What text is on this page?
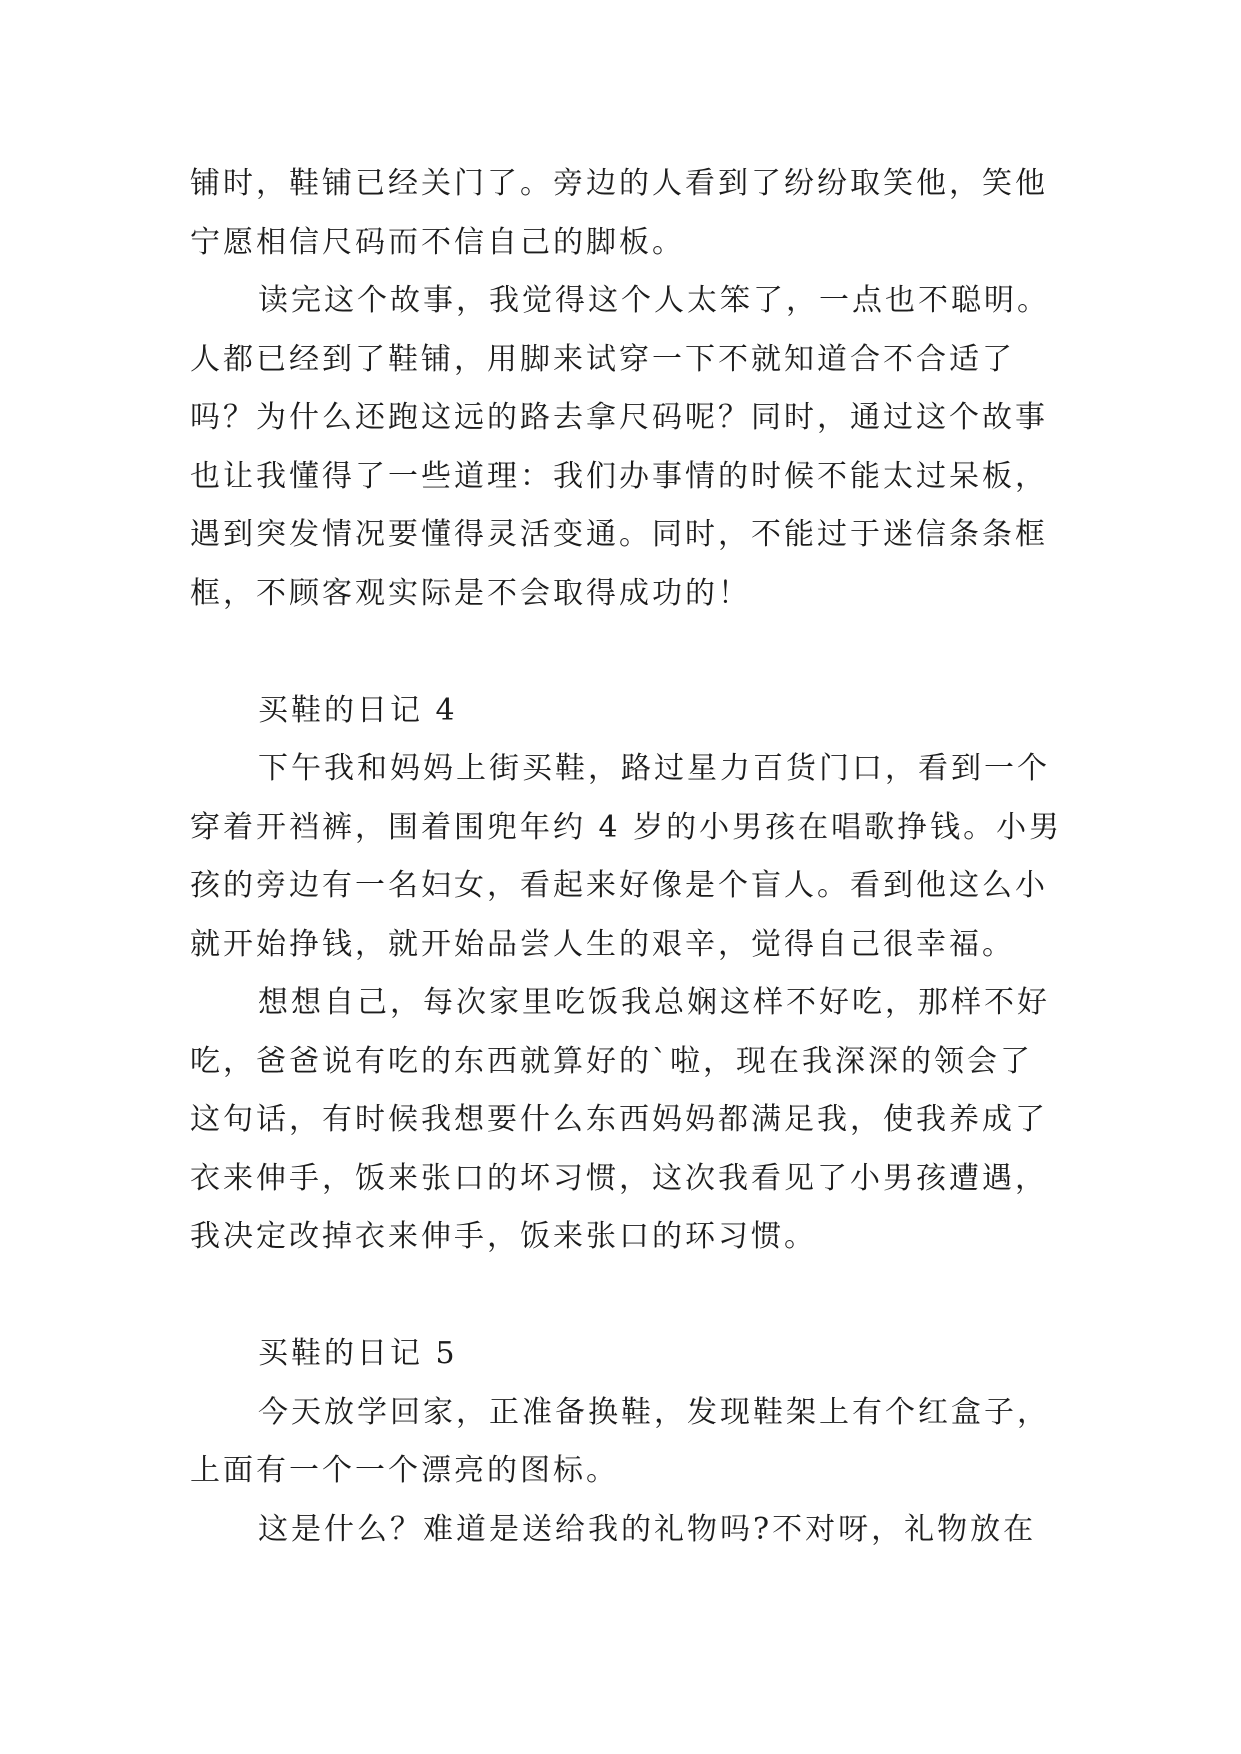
铺时，鞋铺已经关门了。旁边的人看到了纷纷取笑他，笑他
宁愿相信尺码而不信自己的脚板。
读完这个故事，我觉得这个人太笨了，一点也不聪明。
人都已经到了鞋铺，用脚来试穿一下不就知道合不合适了
吗？为什么还跑这远的路去拿尺码呢？同时，通过这个故事
也让我懂得了一些道理：我们办事情的时候不能太过呆板，
遇到突发情况要懂得灵活变通。同时，不能过于迷信条条框
框，不顾客观实际是不会取得成功的！
买鞋的日记 4
下午我和妈妈上街买鞋，路过星力百货门口，看到一个
穿着开裆裤，围着围兜年约 4 岁的小男孩在唱歌挣钱。小男
孩的旁边有一名妇女，看起来好像是个盲人。看到他这么小
就开始挣钱，就开始品尝人生的艰辛，觉得自己很幸福。
想想自己，每次家里吃饭我总娴这样不好吃，那样不好
吃，爸爸说有吃的东西就算好的`啦，现在我深深的领会了
这句话，有时候我想要什么东西妈妈都满足我，使我养成了
衣来伸手，饭来张口的坏习惯，这次我看见了小男孩遭遇，
我决定改掉衣来伸手，饭来张口的环习惯。
买鞋的日记 5
今天放学回家，正准备换鞋，发现鞋架上有个红盒子，
上面有一个一个漂亮的图标。
这是什么？难道是送给我的礼物吗?不对呀，礼物放在
